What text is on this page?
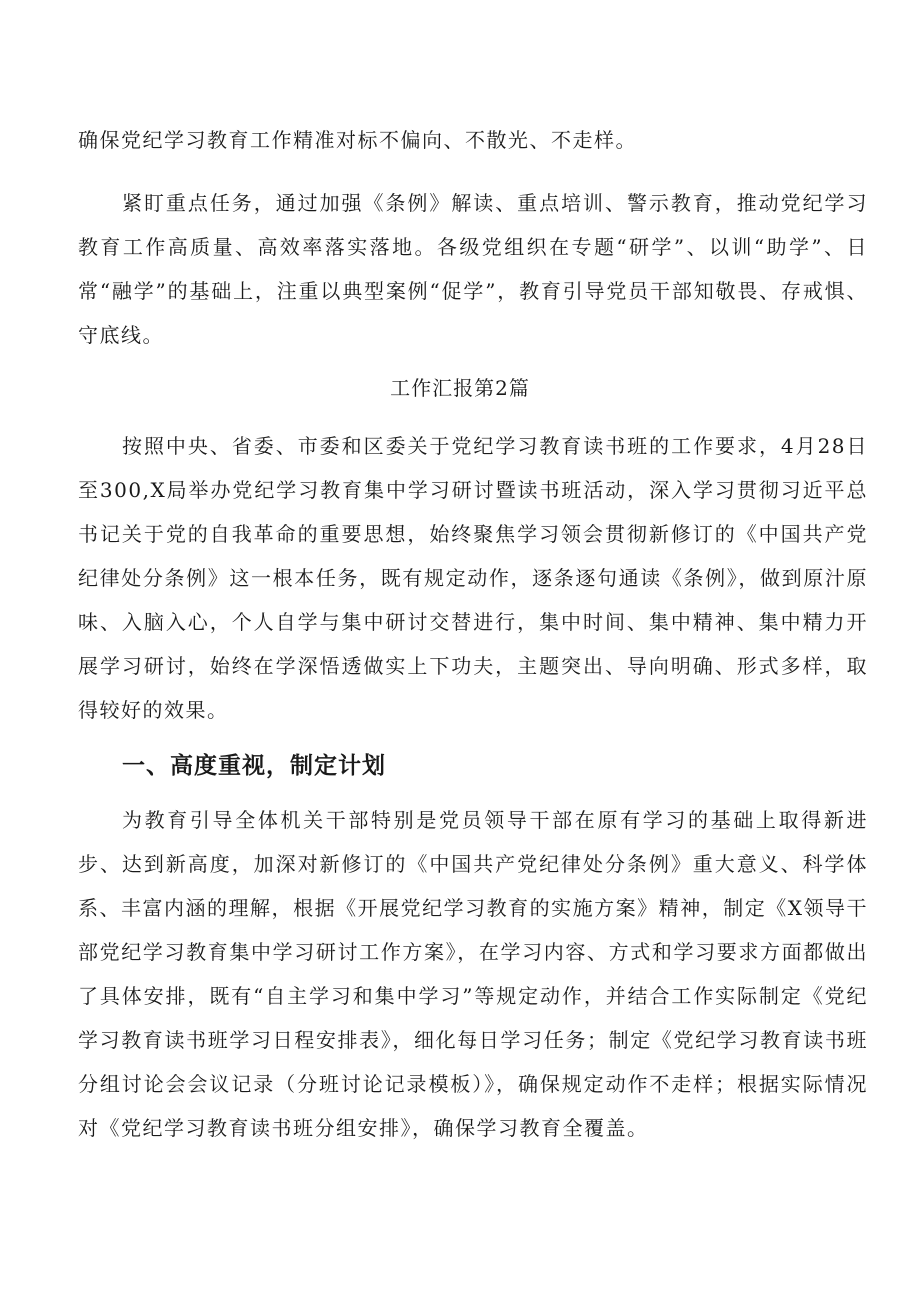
确保党纪学习教育工作精准对标不偏向、不散光、不走样。

紧盯重点任务，通过加强《条例》解读、重点培训、警示教育，推动党纪学习教育工作高质量、高效率落实落地。各级党组织在专题“研学”、以训“助学”、日常“融学”的基础上，注重以典型案例“促学”，教育引导党员干部知敬畏、存戒惧、守底线。

工作汇报第2篇

按照中央、省委、市委和区委关于党纪学习教育读书班的工作要求，4月28日至300,X局举办党纪学习教育集中学习研讨暨读书班活动，深入学习贯彻习近平总书记关于党的自我革命的重要思想，始终聚焦学习领会贯彻新修订的《中国共产党纪律处分条例》这一根本任务，既有规定动作，逐条逐句通读《条例》，做到原汁原味、入脑入心，个人自学与集中研讨交替进行，集中时间、集中精神、集中精力开展学习研讨，始终在学深悟透做实上下功夫，主题突出、导向明确、形式多样，取得较好的效果。

一、高度重视，制定计划

为教育引导全体机关干部特别是党员领导干部在原有学习的基础上取得新进步、达到新高度，加深对新修订的《中国共产党纪律处分条例》重大意义、科学体系、丰富内涵的理解，根据《开展党纪学习教育的实施方案》精神，制定《X领导干部党纪学习教育集中学习研讨工作方案》，在学习内容、方式和学习要求方面都做出了具体安排，既有“自主学习和集中学习”等规定动作，并结合工作实际制定《党纪学习教育读书班学习日程安排表》，细化每日学习任务；制定《党纪学习教育读书班分组讨论会会议记录（分班讨论记录模板）》，确保规定动作不走样；根据实际情况对《党纪学习教育读书班分组安排》，确保学习教育全覆盖。
